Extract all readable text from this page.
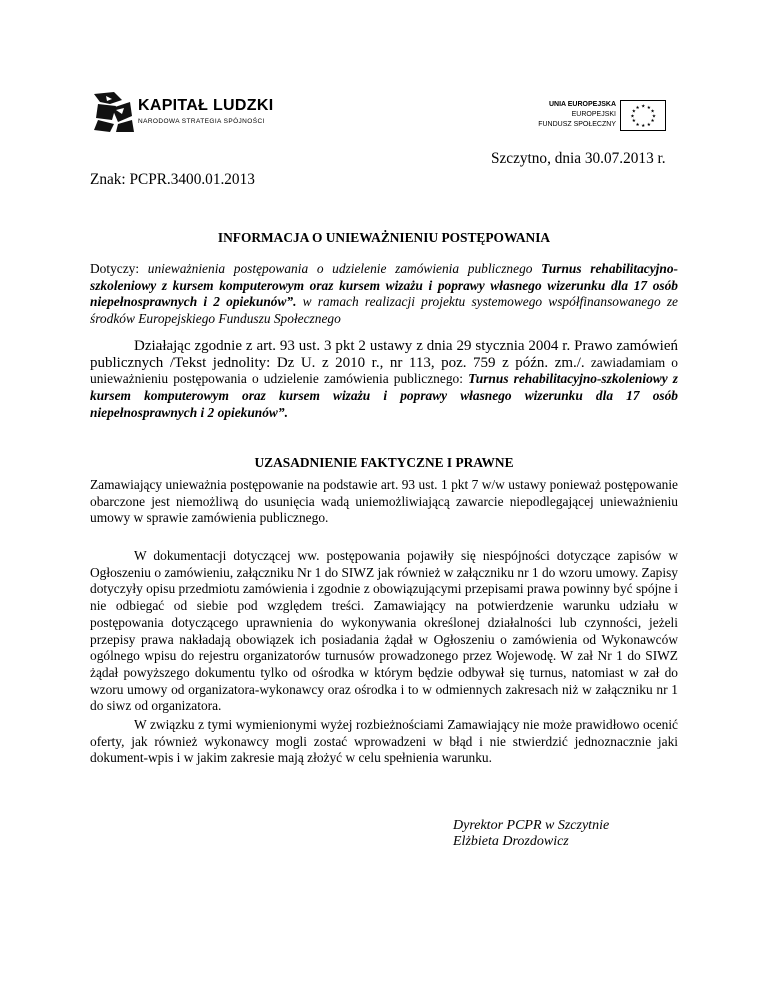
KAPITAŁ LUDZKI
NARODOWA STRATEGIA SPÓJNOŚCI
UNIA EUROPEJSKA
EUROPEJSKI
FUNDUSZ SPOŁECZNY
★ ★
★
★
★
★
★
★
★
★
★
★
Szczytno, dnia 30.07.2013 r.
Znak: PCPR.3400.01.2013
INFORMACJA O UNIEWAŻNIENIU POSTĘPOWANIA
Dotyczy: unieważnienia postępowania o udzielenie zamówienia publicznego Turnus rehabilitacyjno-szkoleniowy z kursem komputerowym oraz kursem wizażu i poprawy własnego wizerunku dla 17 osób niepełnosprawnych i 2 opiekunów”. w ramach realizacji projektu systemowego współfinansowanego ze środków Europejskiego Funduszu Społecznego
Działając zgodnie z art. 93 ust. 3 pkt 2 ustawy z dnia 29 stycznia 2004 r. Prawo zamówień publicznych /Tekst jednolity: Dz U. z 2010 r., nr 113, poz. 759 z późn. zm./. zawiadamiam o unieważnieniu postępowania o udzielenie zamówienia publicznego: Turnus rehabilitacyjno-szkoleniowy z kursem komputerowym oraz kursem wizażu i poprawy własnego wizerunku dla 17 osób niepełnosprawnych i 2 opiekunów”.
UZASADNIENIE FAKTYCZNE I PRAWNE
Zamawiający unieważnia postępowanie na podstawie art. 93 ust. 1 pkt 7 w/w ustawy ponieważ postępowanie obarczone jest niemożliwą do usunięcia wadą uniemożliwiającą zawarcie niepodlegającej unieważnieniu umowy w sprawie zamówienia publicznego.
W dokumentacji dotyczącej ww. postępowania pojawiły się niespójności dotyczące zapisów w Ogłoszeniu o zamówieniu, załączniku Nr 1 do SIWZ jak również w załączniku nr 1 do wzoru umowy. Zapisy dotyczyły opisu przedmiotu zamówienia i zgodnie z obowiązującymi przepisami prawa powinny być spójne i nie odbiegać od siebie pod względem treści. Zamawiający na potwierdzenie warunku udziału w postępowania dotyczącego uprawnienia do wykonywania określonej działalności lub czynności, jeżeli przepisy prawa nakładają obowiązek ich posiadania żądał w Ogłoszeniu o zamówienia od Wykonawców ogólnego wpisu do rejestru organizatorów turnusów prowadzonego przez Wojewodę. W zał Nr 1 do SIWZ żądał powyższego dokumentu tylko od ośrodka w którym będzie odbywał się turnus, natomiast w zał do wzoru umowy od organizatora-wykonawcy oraz ośrodka i to w odmiennych zakresach niż w załączniku nr 1 do siwz od organizatora.
W związku z tymi wymienionymi wyżej rozbieżnościami Zamawiający nie może prawidłowo ocenić oferty, jak również wykonawcy mogli zostać wprowadzeni w błąd i nie stwierdzić jednoznacznie jaki dokument-wpis i w jakim zakresie mają złożyć w celu spełnienia warunku.
Dyrektor PCPR w Szczytnie
Elżbieta Drozdowicz
